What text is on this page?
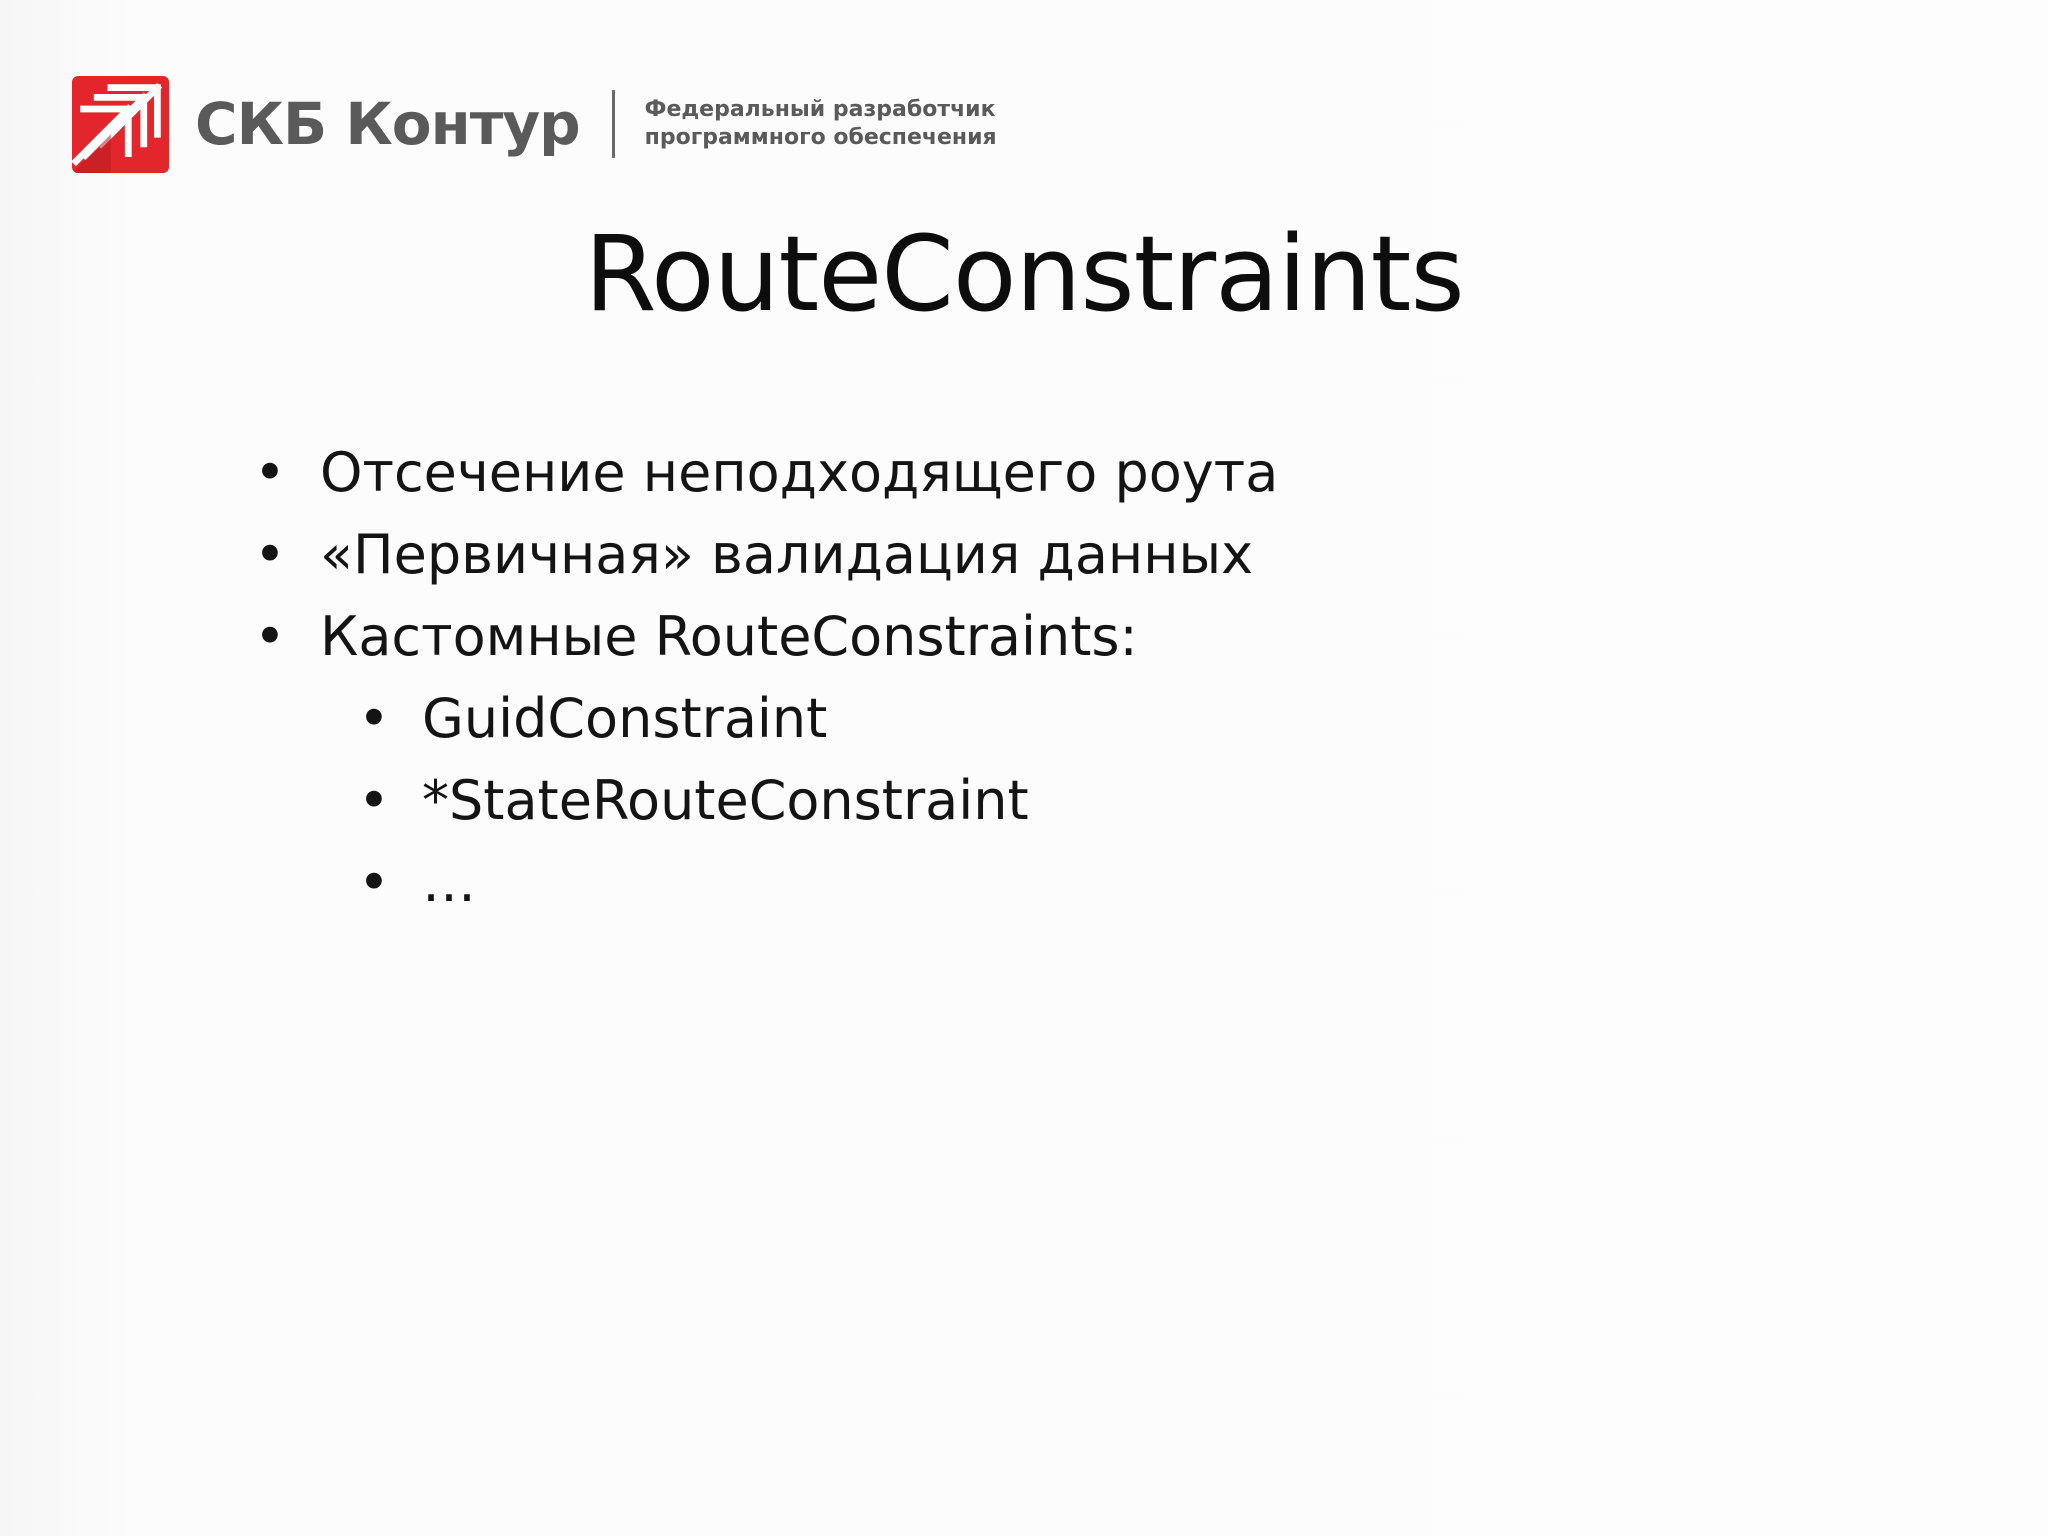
СКБ Контур	Федеральный разработчик
программного обеспечения
RouteConstraints
• Отсечение неподходящего роута
• «Первичная» валидация данных
• Кастомные RouteConstraints:
• GuidConstraint
• *StateRouteConstraint
• …
